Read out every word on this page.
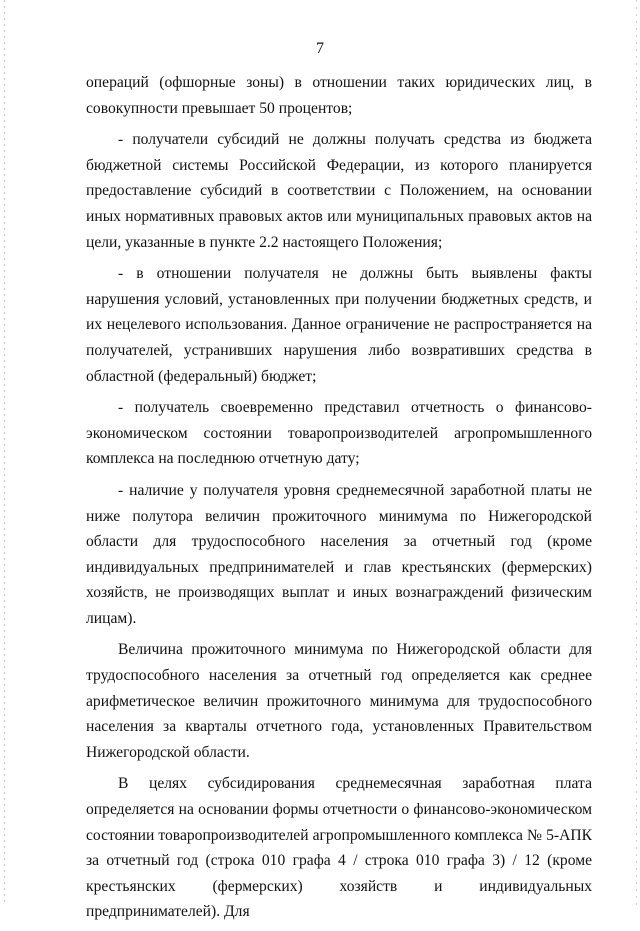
7

операций (офшорные зоны) в отношении таких юридических лиц, в совокупности превышает 50 процентов;

- получатели субсидий не должны получать средства из бюджета бюджетной системы Российской Федерации, из которого планируется предоставление субсидий в соответствии с Положением, на основании иных нормативных правовых актов или муниципальных правовых актов на цели, указанные в пункте 2.2 настоящего Положения;

- в отношении получателя не должны быть выявлены факты нарушения условий, установленных при получении бюджетных средств, и их нецелевого использования. Данное ограничение не распространяется на получателей, устранивших нарушения либо возвративших средства в областной (федеральный) бюджет;

- получатель своевременно представил отчетность о финансово-экономическом состоянии товаропроизводителей агропромышленного комплекса на последнюю отчетную дату;

- наличие у получателя уровня среднемесячной заработной платы не ниже полутора величин прожиточного минимума по Нижегородской области для трудоспособного населения за отчетный год (кроме индивидуальных предпринимателей и глав крестьянских (фермерских) хозяйств, не производящих выплат и иных вознаграждений физическим лицам).

Величина прожиточного минимума по Нижегородской области для трудоспособного населения за отчетный год определяется как среднее арифметическое величин прожиточного минимума для трудоспособного населения за кварталы отчетного года, установленных Правительством Нижегородской области.

В целях субсидирования среднемесячная заработная плата определяется на основании формы отчетности о финансово-экономическом состоянии товаропроизводителей агропромышленного комплекса № 5-АПК за отчетный год (строка 010 графа 4 / строка 010 графа 3) / 12 (кроме крестьянских (фермерских) хозяйств и индивидуальных предпринимателей). Для
